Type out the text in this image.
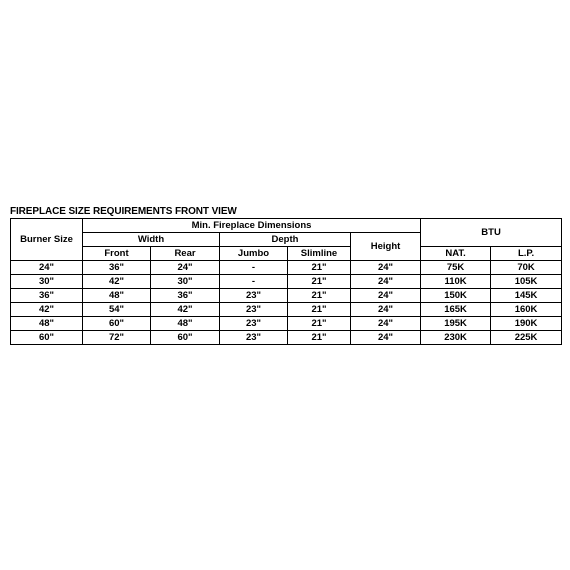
FIREPLACE SIZE REQUIREMENTS FRONT VIEW
Burner Size	Min. Fireplace Dimensions					BTU	
	Width		Depth		Height		
	Front	Rear	Jumbo	Slimline		NAT.	L.P.
24"	36"	24"	-	21"	24"	75K	70K
30"	42"	30"	-	21"	24"	110K	105K
36"	48"	36"	23"	21"	24"	150K	145K
42"	54"	42"	23"	21"	24"	165K	160K
48"	60"	48"	23"	21"	24"	195K	190K
60"	72"	60"	23"	21"	24"	230K	225K
